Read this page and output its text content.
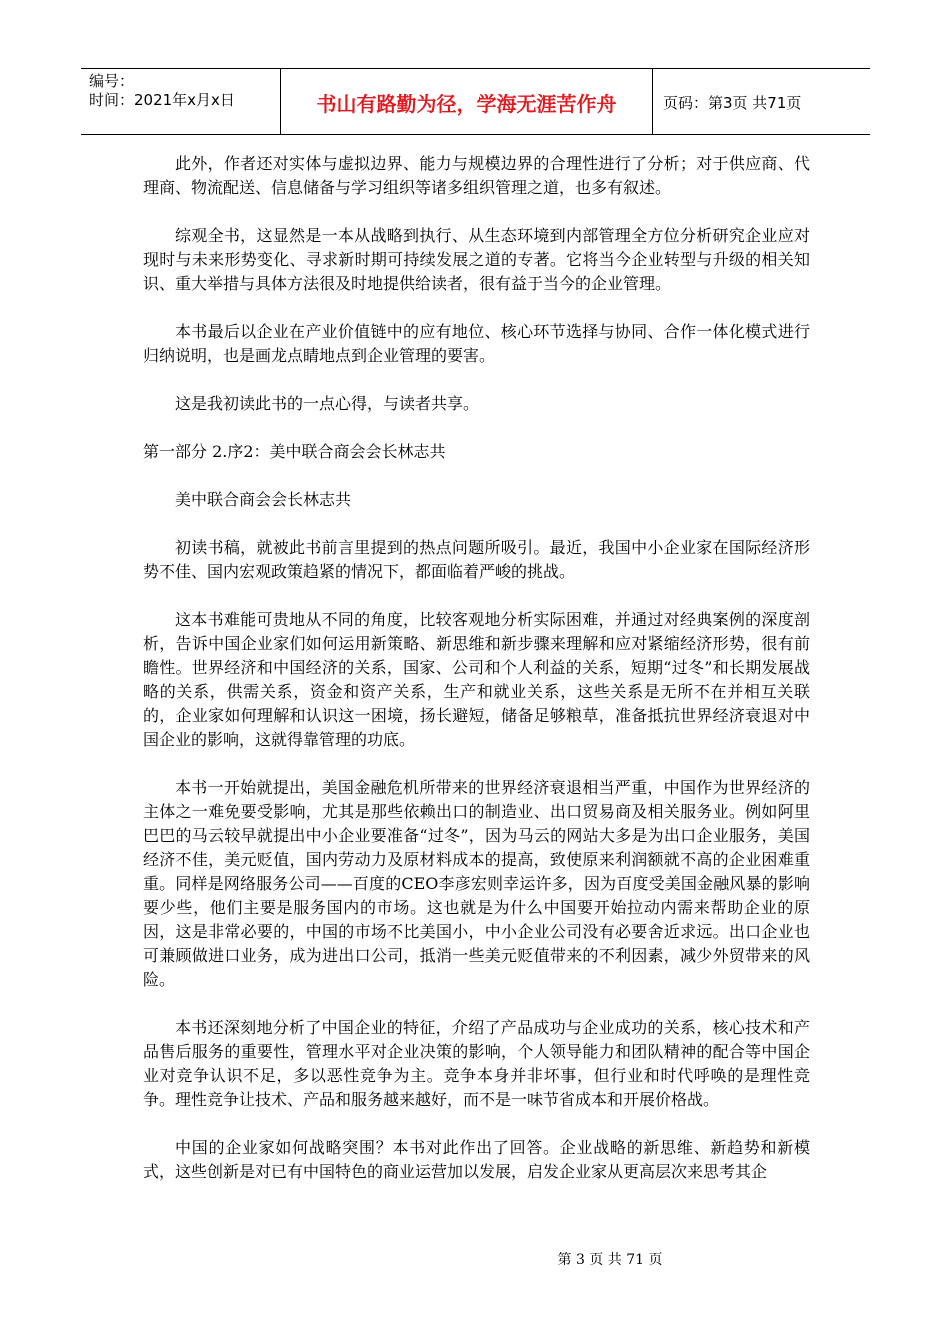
编号：
时间：2021年x月x日	书山有路勤为径，学海无涯苦作舟	页码：第3页 共71页

此外，作者还对实体与虚拟边界、能力与规模边界的合理性进行了分析；对于供应商、代理商、物流配送、信息储备与学习组织等诸多组织管理之道，也多有叙述。

综观全书，这显然是一本从战略到执行、从生态环境到内部管理全方位分析研究企业应对现时与未来形势变化、寻求新时期可持续发展之道的专著。它将当今企业转型与升级的相关知识、重大举措与具体方法很及时地提供给读者，很有益于当今的企业管理。

本书最后以企业在产业价值链中的应有地位、核心环节选择与协同、合作一体化模式进行归纳说明，也是画龙点睛地点到企业管理的要害。

这是我初读此书的一点心得，与读者共享。

第一部分 2.序2：美中联合商会会长林志共

美中联合商会会长林志共

初读书稿，就被此书前言里提到的热点问题所吸引。最近，我国中小企业家在国际经济形势不佳、国内宏观政策趋紧的情况下，都面临着严峻的挑战。

这本书难能可贵地从不同的角度，比较客观地分析实际困难，并通过对经典案例的深度剖析，告诉中国企业家们如何运用新策略、新思维和新步骤来理解和应对紧缩经济形势，很有前瞻性。世界经济和中国经济的关系，国家、公司和个人利益的关系，短期“过冬”和长期发展战略的关系，供需关系，资金和资产关系，生产和就业关系，这些关系是无所不在并相互关联的，企业家如何理解和认识这一困境，扬长避短，储备足够粮草，准备抵抗世界经济衰退对中国企业的影响，这就得靠管理的功底。

本书一开始就提出，美国金融危机所带来的世界经济衰退相当严重，中国作为世界经济的主体之一难免要受影响，尤其是那些依赖出口的制造业、出口贸易商及相关服务业。例如阿里巴巴的马云较早就提出中小企业要准备“过冬”，因为马云的网站大多是为出口企业服务，美国经济不佳，美元贬值，国内劳动力及原材料成本的提高，致使原来利润额就不高的企业困难重重。同样是网络服务公司——百度的CEO李彦宏则幸运许多，因为百度受美国金融风暴的影响要少些，他们主要是服务国内的市场。这也就是为什么中国要开始拉动内需来帮助企业的原因，这是非常必要的，中国的市场不比美国小，中小企业公司没有必要舍近求远。出口企业也可兼顾做进口业务，成为进出口公司，抵消一些美元贬值带来的不利因素，减少外贸带来的风险。

本书还深刻地分析了中国企业的特征，介绍了产品成功与企业成功的关系，核心技术和产品售后服务的重要性，管理水平对企业决策的影响，个人领导能力和团队精神的配合等中国企业对竞争认识不足，多以恶性竞争为主。竞争本身并非坏事，但行业和时代呼唤的是理性竞争。理性竞争让技术、产品和服务越来越好，而不是一味节省成本和开展价格战。

中国的企业家如何战略突围？本书对此作出了回答。企业战略的新思维、新趋势和新模式，这些创新是对已有中国特色的商业运营加以发展，启发企业家从更高层次来思考其企

第 3 页 共 71 页
